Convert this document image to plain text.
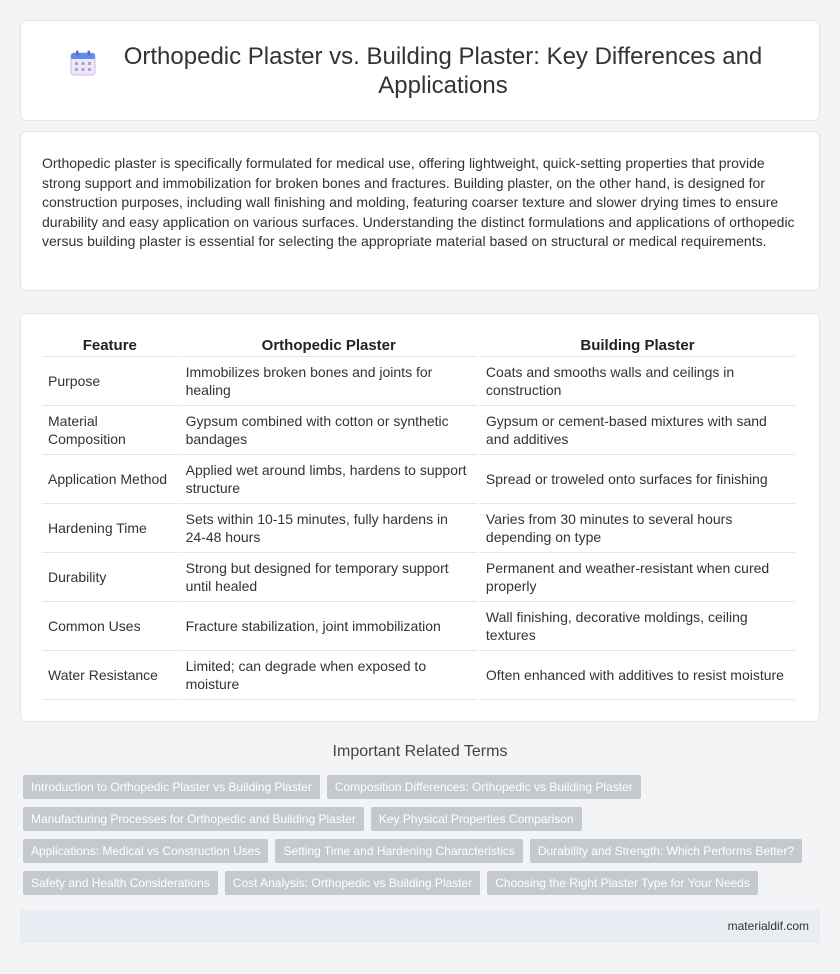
Orthopedic Plaster vs. Building Plaster: Key Differences and Applications

Orthopedic plaster is specifically formulated for medical use, offering lightweight, quick-setting properties that provide strong support and immobilization for broken bones and fractures. Building plaster, on the other hand, is designed for construction purposes, including wall finishing and molding, featuring coarser texture and slower drying times to ensure durability and easy application on various surfaces. Understanding the distinct formulations and applications of orthopedic versus building plaster is essential for selecting the appropriate material based on structural or medical requirements.

Feature	Orthopedic Plaster	Building Plaster
Purpose	Immobilizes broken bones and joints for healing	Coats and smooths walls and ceilings in construction
Material Composition	Gypsum combined with cotton or synthetic bandages	Gypsum or cement-based mixtures with sand and additives
Application Method	Applied wet around limbs, hardens to support structure	Spread or troweled onto surfaces for finishing
Hardening Time	Sets within 10-15 minutes, fully hardens in 24-48 hours	Varies from 30 minutes to several hours depending on type
Durability	Strong but designed for temporary support until healed	Permanent and weather-resistant when cured properly
Common Uses	Fracture stabilization, joint immobilization	Wall finishing, decorative moldings, ceiling textures
Water Resistance	Limited; can degrade when exposed to moisture	Often enhanced with additives to resist moisture
Important Related Terms
Introduction to Orthopedic Plaster vs Building Plaster	Composition Differences: Orthopedic vs Building Plaster
Manufacturing Processes for Orthopedic and Building Plaster	Key Physical Properties Comparison
Applications: Medical vs Construction Uses	Setting Time and Hardening Characteristics	Durability and Strength: Which Performs Better?
Safety and Health Considerations	Cost Analysis: Orthopedic vs Building Plaster	Choosing the Right Plaster Type for Your Needs
materialdif.com
